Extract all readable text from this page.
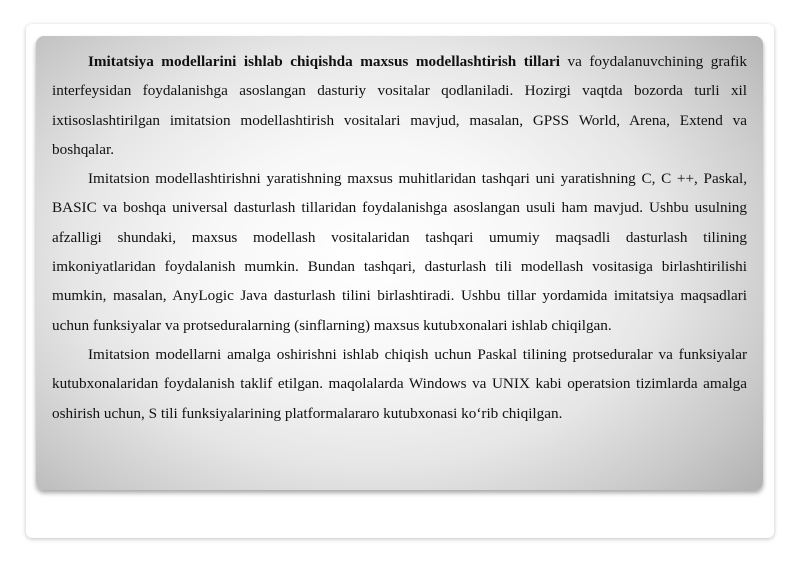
Imitatsiya modellarini ishlab chiqishda maxsus modellashtirish tillari va foydalanuvchining grafik interfeysidan foydalanishga asoslangan dasturiy vositalar qodlaniladi. Hozirgi vaqtda bozorda turli xil ixtisoslashtirilgan imitatsion modellashtirish vositalari mavjud, masalan, GPSS World, Arena, Extend va boshqalar.

Imitatsion modellashtirishni yaratishning maxsus muhitlaridan tashqari uni yaratishning C, C ++, Paskal, BASIC va boshqa universal dasturlash tillaridan foydalanishga asoslangan usuli ham mavjud. Ushbu usulning afzalligi shundaki, maxsus modellash vositalaridan tashqari umumiy maqsadli dasturlash tilining imkoniyatlaridan foydalanish mumkin. Bundan tashqari, dasturlash tili modellash vositasiga birlashtirilishi mumkin, masalan, AnyLogic Java dasturlash tilini birlashtiradi. Ushbu tillar yordamida imitatsiya maqsadlari uchun funksiyalar va protseduralarning (sinflarning) maxsus kutubxonalari ishlab chiqilgan.

Imitatsion modellarni amalga oshirishni ishlab chiqish uchun Paskal tilining protseduralar va funksiyalar kutubxonalaridan foydalanish taklif etilgan. maqolalarda Windows va UNIX kabi operatsion tizimlarda amalga oshirish uchun, S tili funksiyalarining platformalararo kutubxonasi ko‘rib chiqilgan.
